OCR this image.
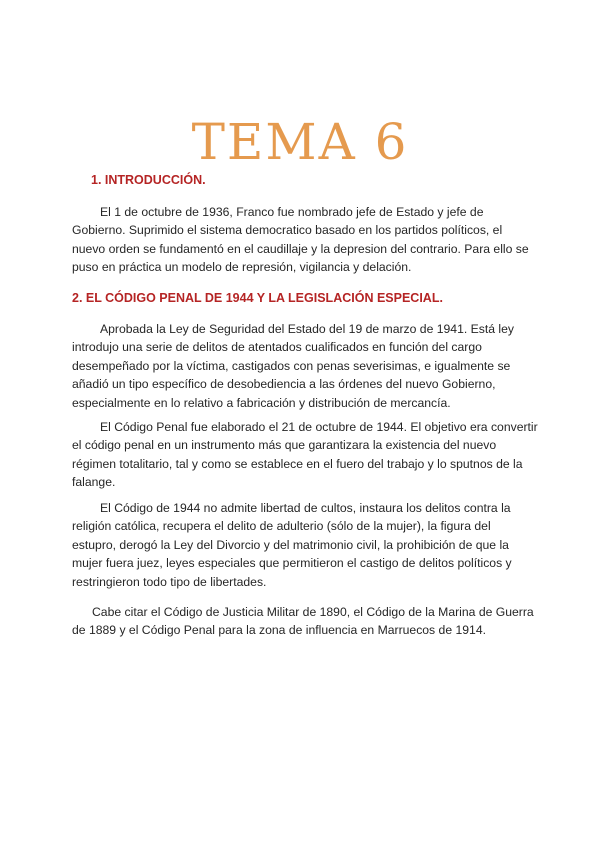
TEMA 6
1. INTRODUCCIÓN.

El 1 de octubre de 1936, Franco fue nombrado jefe de Estado y jefe de Gobierno. Suprimido el sistema democratico basado en los partidos políticos, el nuevo orden se fundamentó en el caudillaje y la depresion del contrario. Para ello se puso en práctica un modelo de represión, vigilancia y delación.

2. EL CÓDIGO PENAL DE 1944 Y LA LEGISLACIÓN ESPECIAL.

Aprobada la Ley de Seguridad del Estado del 19 de marzo de 1941. Está ley introdujo una serie de delitos de atentados cualificados en función del cargo desempeñado por la víctima, castigados con penas severisimas, e igualmente se añadió un tipo específico de desobediencia a las órdenes del nuevo Gobierno, especialmente en lo relativo a fabricación y distribución de mercancía.

El Código Penal fue elaborado el 21 de octubre de 1944. El objetivo era convertir el código penal en un instrumento más que garantizara la existencia del nuevo régimen totalitario, tal y como se establece en el fuero del trabajo y lo sputnos de la falange.

El Código de 1944 no admite libertad de cultos, instaura los delitos contra la religión católica, recupera el delito de adulterio (sólo de la mujer), la figura del estupro, derogó la Ley del Divorcio y del matrimonio civil, la prohibición de que la mujer fuera juez, leyes especiales que permitieron el castigo de delitos políticos y restringieron todo tipo de libertades.

Cabe citar el Código de Justicia Militar de 1890, el Código de la Marina de Guerra de 1889 y el Código Penal para la zona de influencia en Marruecos de 1914.
